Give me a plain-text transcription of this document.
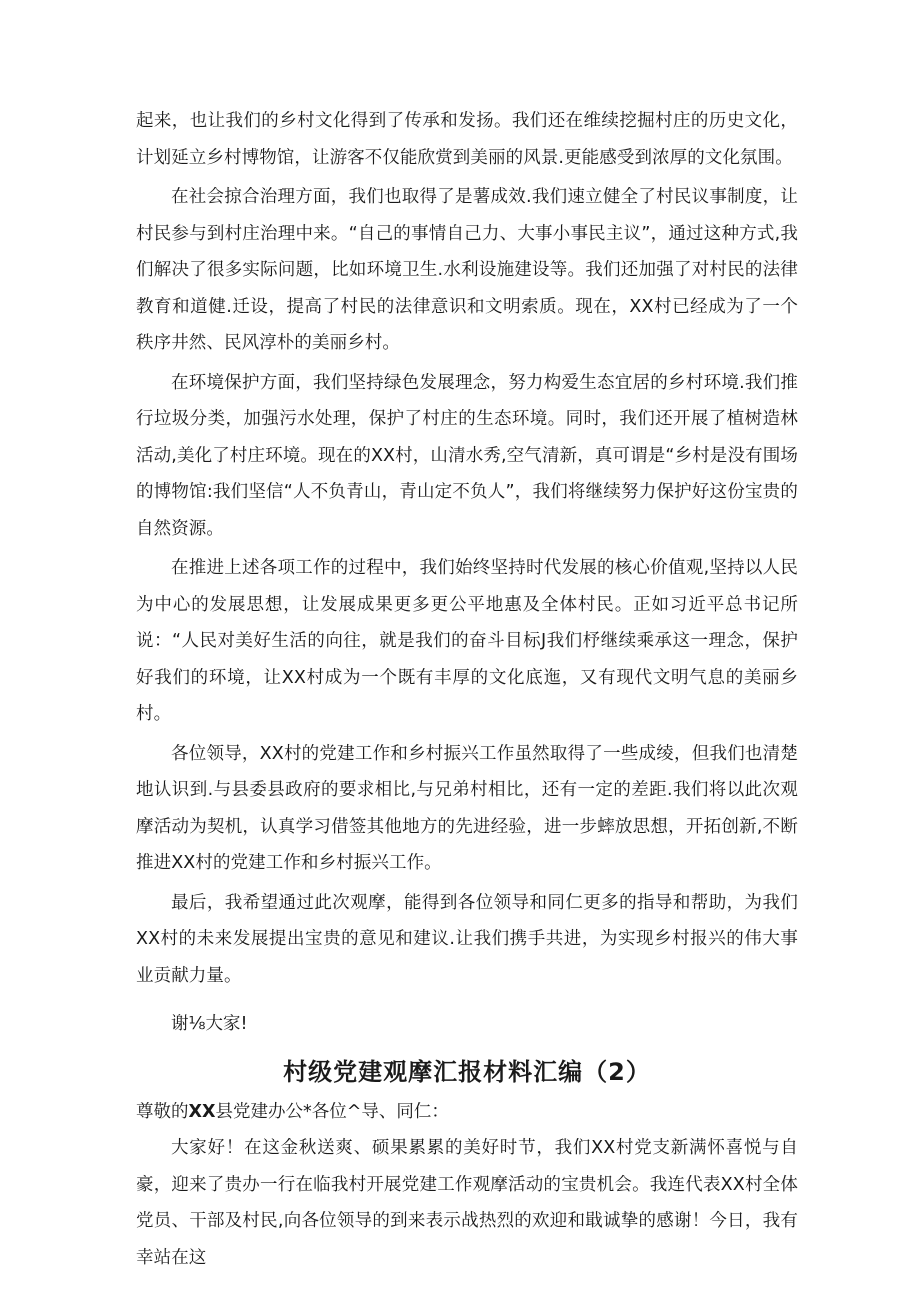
起来，也让我们的乡村文化得到了传承和发扬。我们还在维续挖掘村庄的历史文化，计划延立乡村博物馆，让游客不仅能欣赏到美丽的风景.更能感受到浓厚的文化氛围。

在社会掠合治理方面，我们也取得了是薯成效.我们速立健全了村民议事制度，让村民参与到村庄治理中来。“自己的事情自己力、大事小事民主议”，通过这种方式,我们解决了很多实际问题，比如环境卫生.水利设施建设等。我们还加强了对村民的法律教育和道健.迁设，提高了村民的法律意识和文明索质。现在，XX村已经成为了一个秩序井然、民风淳朴的美丽乡村。

在环境保护方面，我们坚持绿色发展理念，努力构爱生态宜居的乡村环境.我们推行垃圾分类，加强污水处理，保护了村庄的生态环境。同时，我们还开展了植树造林活动,美化了村庄环境。现在的XX村，山清水秀,空气清新，真可谓是“乡村是没有围场的博物馆:我们坚信“人不负青山，青山定不负人”，我们将继续努力保护好这份宝贵的自然资源。

在推进上述各项工作的过程中，我们始终坚持时代发展的核心价值观,坚持以人民为中心的发展思想，让发展成果更多更公平地惠及全体村民。正如习近平总书记所说：“人民对美好生活的向往，就是我们的奋斗目标J我们杼继续乘承这一理念，保护好我们的环境，让XX村成为一个既有丰厚的文化底迤，又有现代文明气息的美丽乡村。

各位领导，XX村的党建工作和乡村振兴工作虽然取得了一些成绫，但我们也清楚地认识到.与县委县政府的要求相比,与兄弟村相比，还有一定的差距.我们将以此次观摩活动为契机，认真学习借签其他地方的先进经验，进一步蟀放思想，开拓创新,不断推进XX村的党建工作和乡村振兴工作。

最后，我希望通过此次观摩，能得到各位领导和同仁更多的指导和帮助，为我们XX村的未来发展提出宝贵的意见和建议.让我们携手共进，为实现乡村报兴的伟大事业贡献力量。

谢⅛大家!

村级党建观摩汇报材料汇编（2）

尊敬的XX县党建办公*各位^导、同仁：

大家好！在这金秋送爽、硕果累累的美好时节，我们XX村党支新满怀喜悦与自豪，迎来了贵办一行在临我村开展党建工作观摩活动的宝贵机会。我连代表XX村全体党员、干部及村民,向各位领导的到来表示战热烈的欢迎和戢诚挚的感谢！今日，我有幸站在这
